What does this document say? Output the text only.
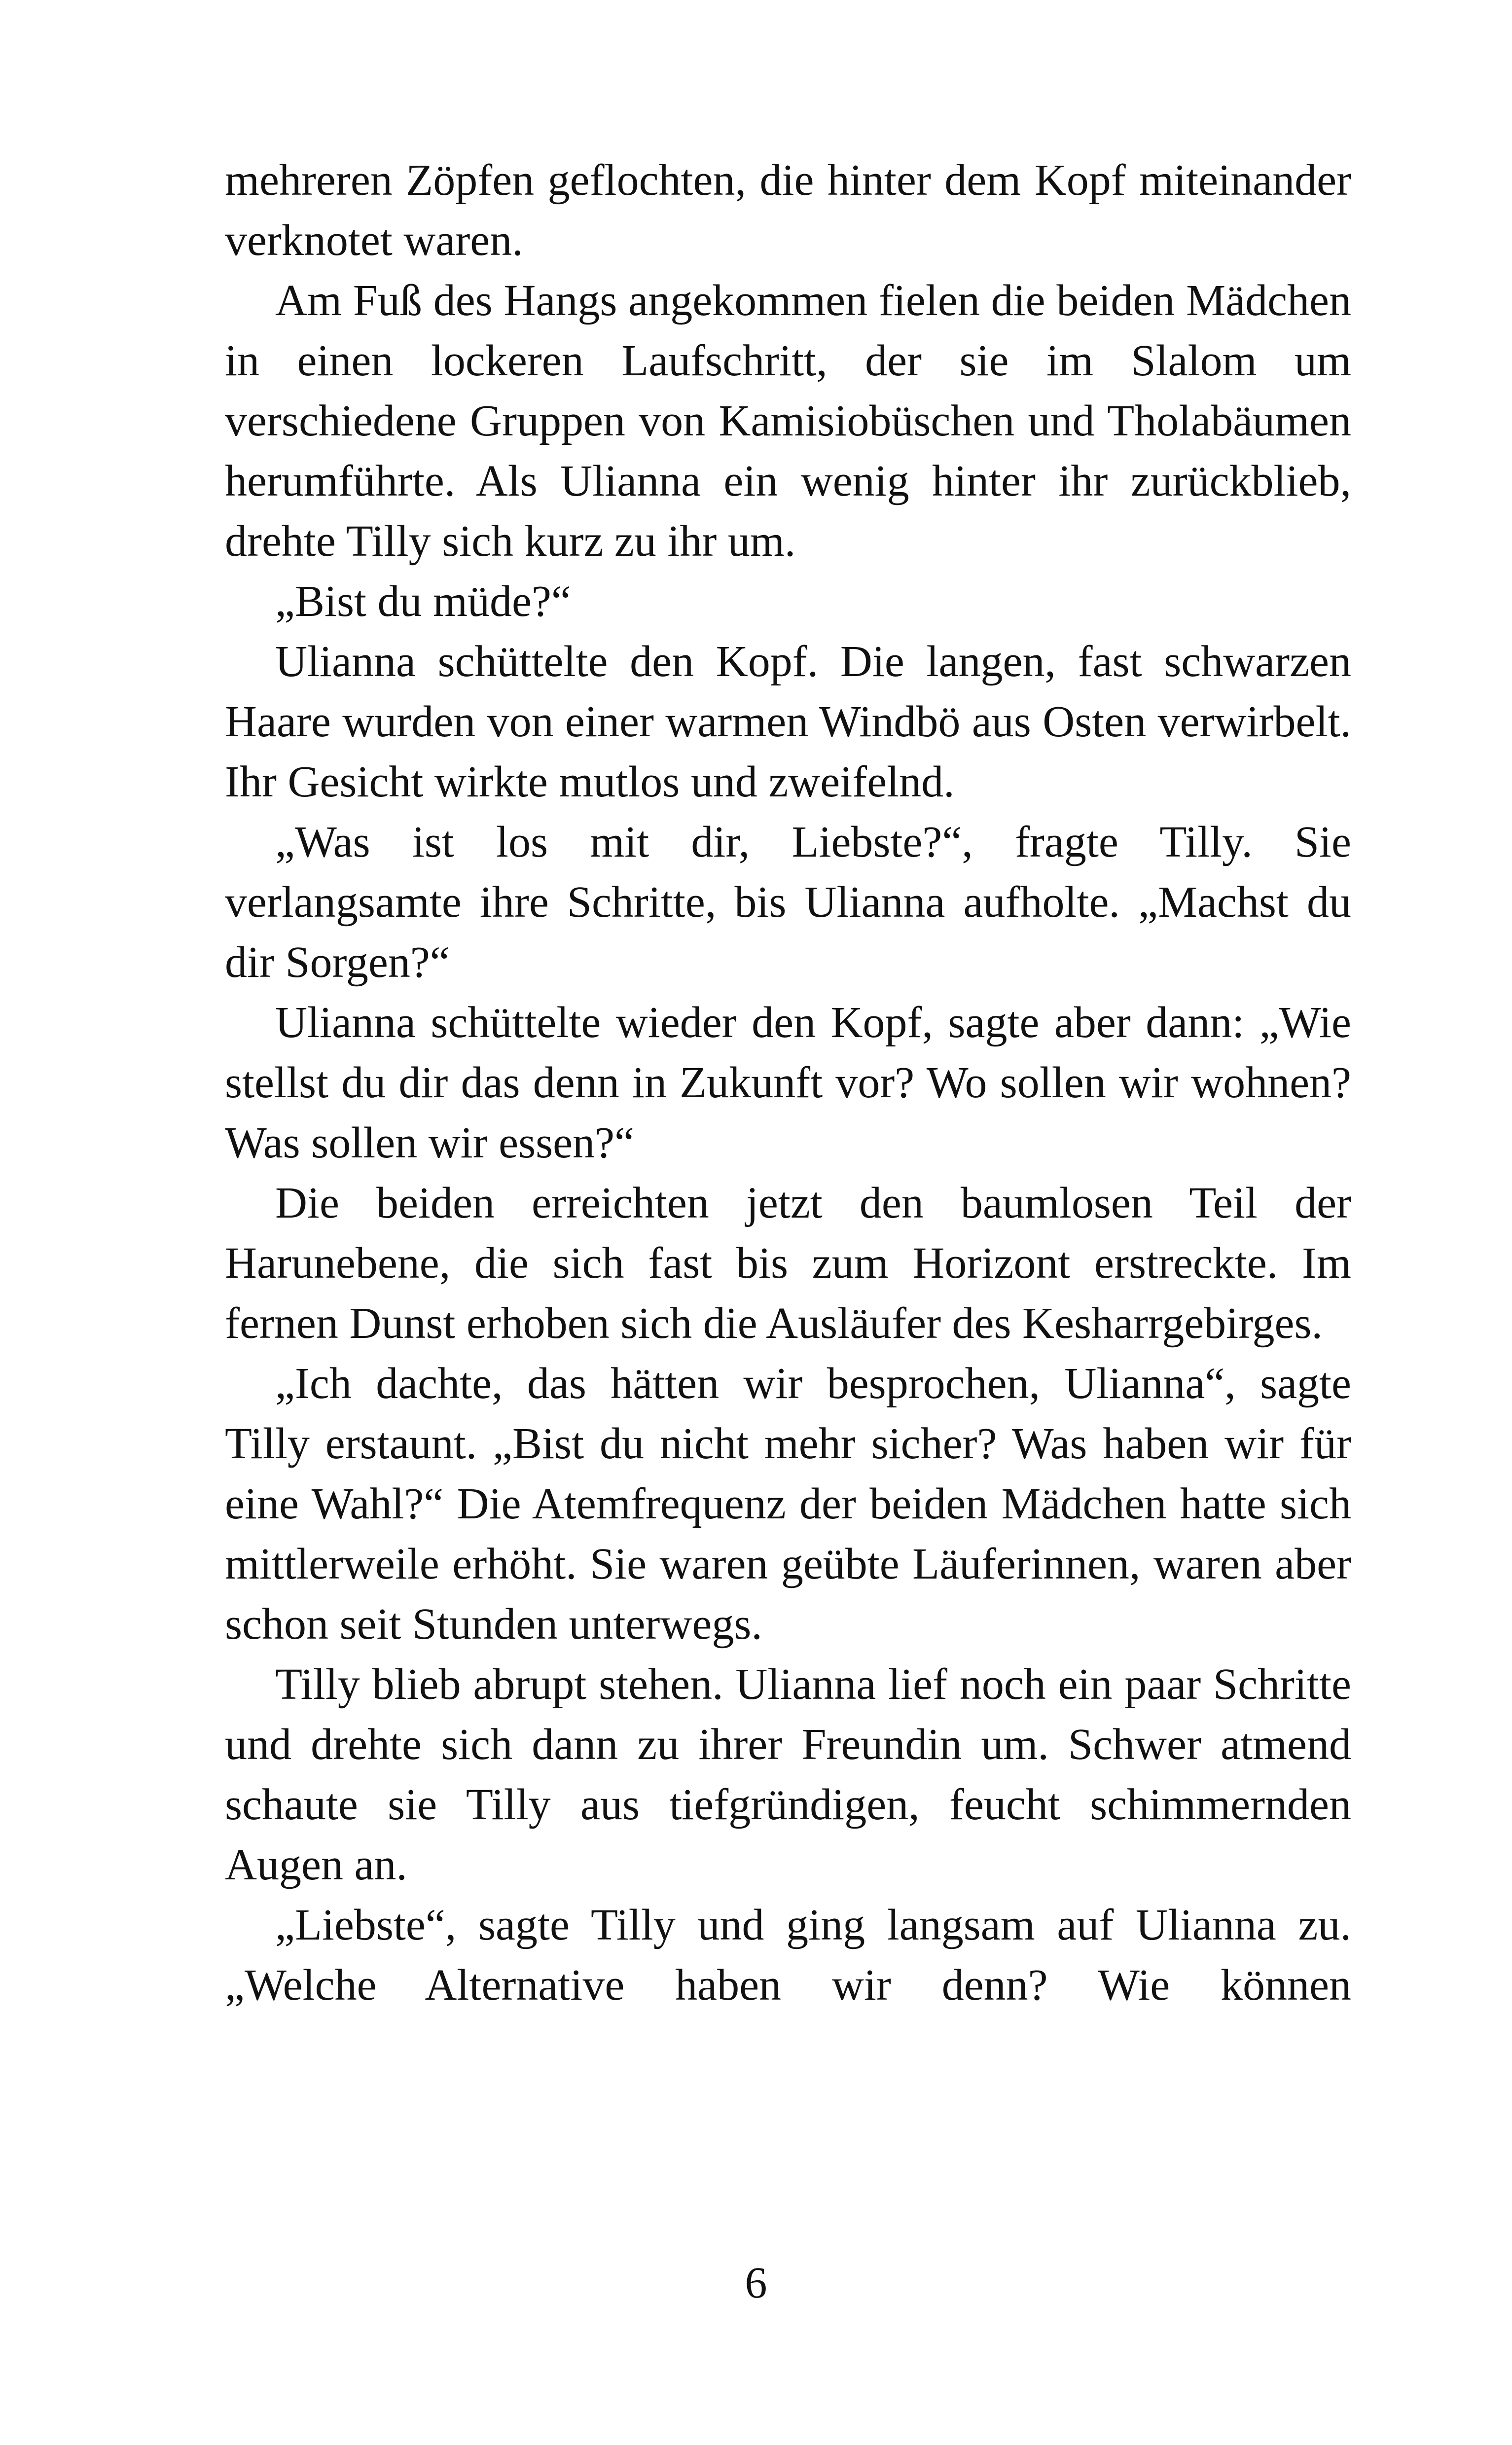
mehreren Zöpfen geflochten, die hinter dem Kopf miteinander verknotet waren.

Am Fuß des Hangs angekommen fielen die beiden Mädchen in einen lockeren Laufschritt, der sie im Slalom um verschiedene Gruppen von Kamisiobüschen und Tholabäumen herumführte. Als Ulianna ein wenig hinter ihr zurückblieb, drehte Tilly sich kurz zu ihr um.

„Bist du müde?“

Ulianna schüttelte den Kopf. Die langen, fast schwarzen Haare wurden von einer warmen Windbö aus Osten verwirbelt. Ihr Gesicht wirkte mutlos und zweifelnd.

„Was ist los mit dir, Liebste?“, fragte Tilly. Sie verlangsamte ihre Schritte, bis Ulianna aufholte. „Machst du dir Sorgen?“

Ulianna schüttelte wieder den Kopf, sagte aber dann: „Wie stellst du dir das denn in Zukunft vor? Wo sollen wir wohnen? Was sollen wir essen?“

Die beiden erreichten jetzt den baumlosen Teil der Harunebene, die sich fast bis zum Horizont erstreckte. Im fernen Dunst erhoben sich die Ausläufer des Kesharrgebirges.

„Ich dachte, das hätten wir besprochen, Ulianna“, sagte Tilly erstaunt. „Bist du nicht mehr sicher? Was haben wir für eine Wahl?“ Die Atemfrequenz der beiden Mädchen hatte sich mittlerweile erhöht. Sie waren geübte Läuferinnen, waren aber schon seit Stunden unterwegs.

Tilly blieb abrupt stehen. Ulianna lief noch ein paar Schritte und drehte sich dann zu ihrer Freundin um. Schwer atmend schaute sie Tilly aus tiefgründigen, feucht schimmernden Augen an.

„Liebste“, sagte Tilly und ging langsam auf Ulianna zu. „Welche Alternative haben wir denn? Wie können

6
